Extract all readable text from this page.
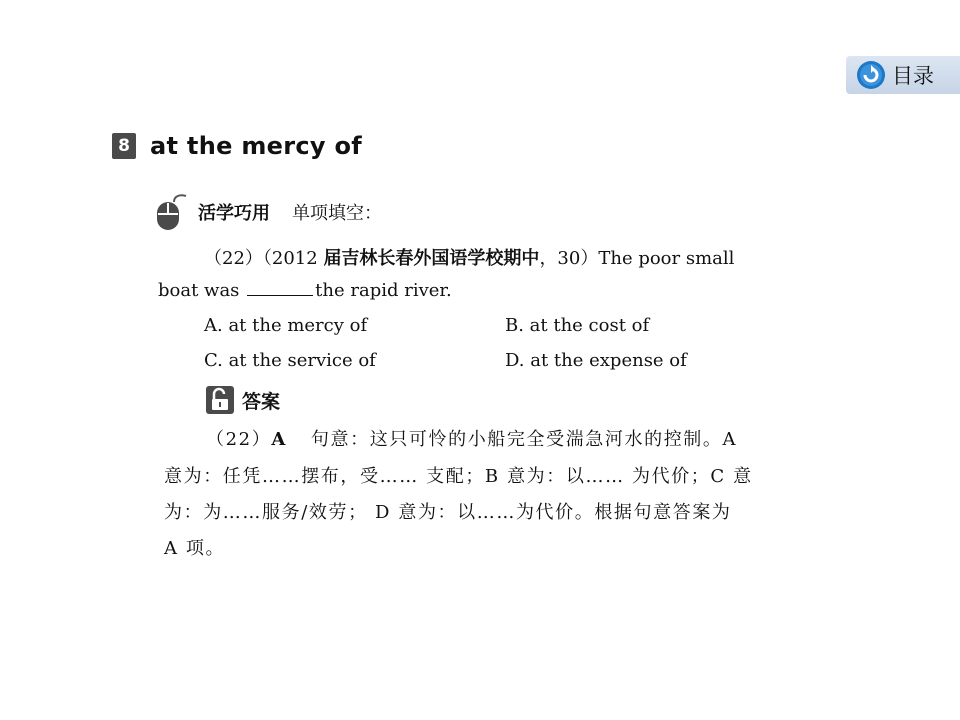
目录
8 at the mercy of
活学巧用 单项填空：
（22）（2012 届吉林长春外国语学校期中，30）The poor small
boat was	the rapid river.
A. at the mercy of	B. at the cost of
C. at the service of	D. at the expense of
答案
（22）A 句意：这只可怜的小船完全受湍急河水的控制。A
意为：任凭……摆布，受…… 支配；B 意为：以…… 为代价；C 意
为：为……服务/效劳； D 意为：以……为代价。根据句意答案为
A 项。
